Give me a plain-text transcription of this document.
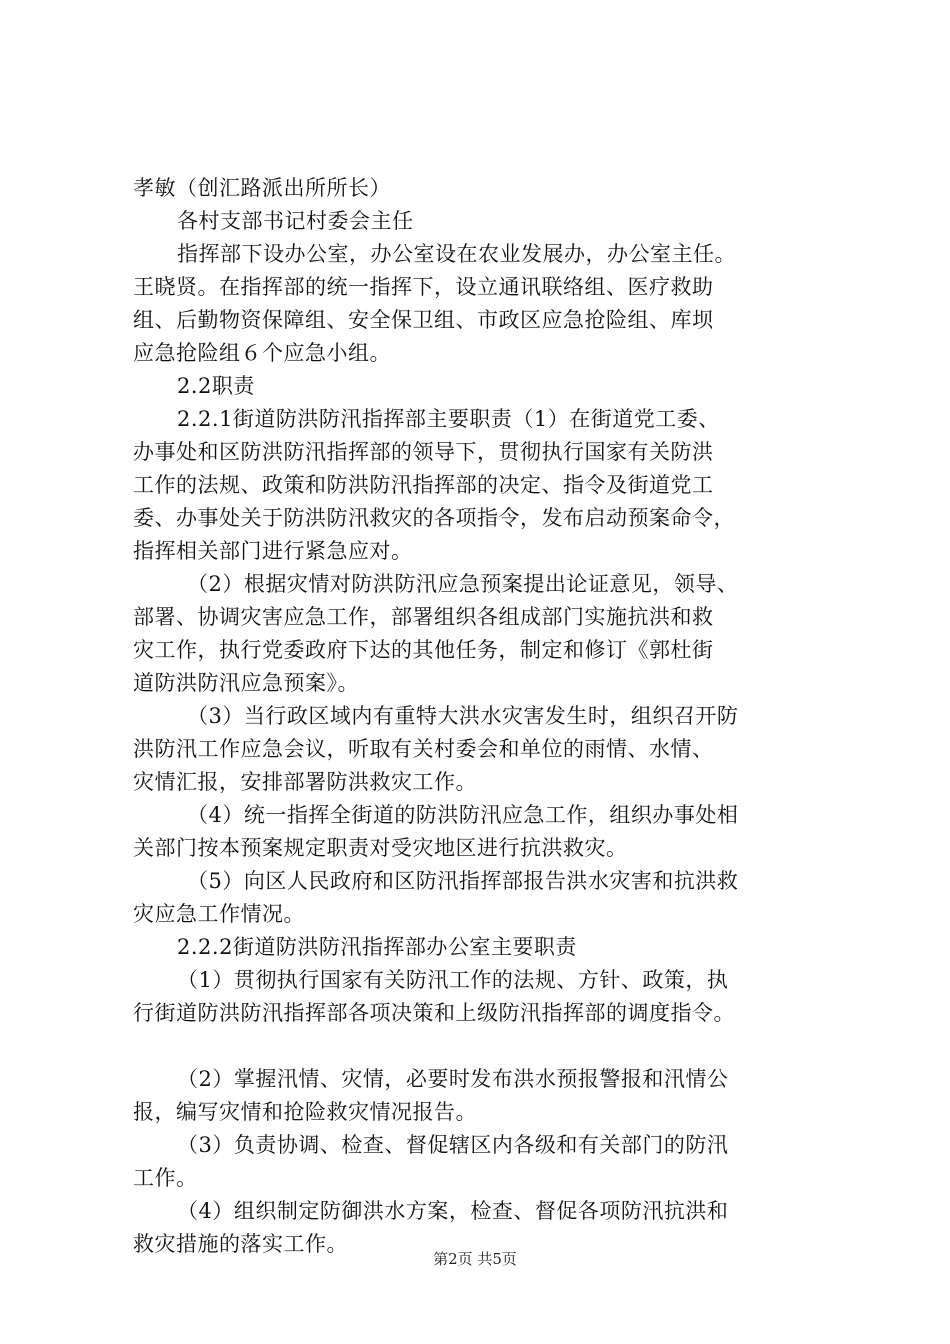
孝敏（创汇路派出所所长）
各村支部书记村委会主任
指挥部下设办公室，办公室设在农业发展办，办公室主任。
王晓贤。在指挥部的统一指挥下，设立通讯联络组、医疗救助
组、后勤物资保障组、安全保卫组、市政区应急抢险组、库坝
应急抢险组６个应急小组。
2.2职责
2.2.1街道防洪防汛指挥部主要职责（1）在街道党工委、
办事处和区防洪防汛指挥部的领导下，贯彻执行国家有关防洪
工作的法规、政策和防洪防汛指挥部的决定、指令及街道党工
委、办事处关于防洪防汛救灾的各项指令，发布启动预案命令，
指挥相关部门进行紧急应对。
（2）根据灾情对防洪防汛应急预案提出论证意见，领导、
部署、协调灾害应急工作，部署组织各组成部门实施抗洪和救
灾工作，执行党委政府下达的其他任务，制定和修订《郭杜街
道防洪防汛应急预案》。
（3）当行政区域内有重特大洪水灾害发生时，组织召开防
洪防汛工作应急会议，听取有关村委会和单位的雨情、水情、
灾情汇报，安排部署防洪救灾工作。
（4）统一指挥全街道的防洪防汛应急工作，组织办事处相
关部门按本预案规定职责对受灾地区进行抗洪救灾。
（5）向区人民政府和区防汛指挥部报告洪水灾害和抗洪救
灾应急工作情况。
2.2.2街道防洪防汛指挥部办公室主要职责
（1）贯彻执行国家有关防汛工作的法规、方针、政策，执
行街道防洪防汛指挥部各项决策和上级防汛指挥部的调度指令。
（2）掌握汛情、灾情，必要时发布洪水预报警报和汛情公
报，编写灾情和抢险救灾情况报告。
（3）负责协调、检查、督促辖区内各级和有关部门的防汛
工作。
（4）组织制定防御洪水方案，检查、督促各项防汛抗洪和
救灾措施的落实工作。
第2页 共5页
